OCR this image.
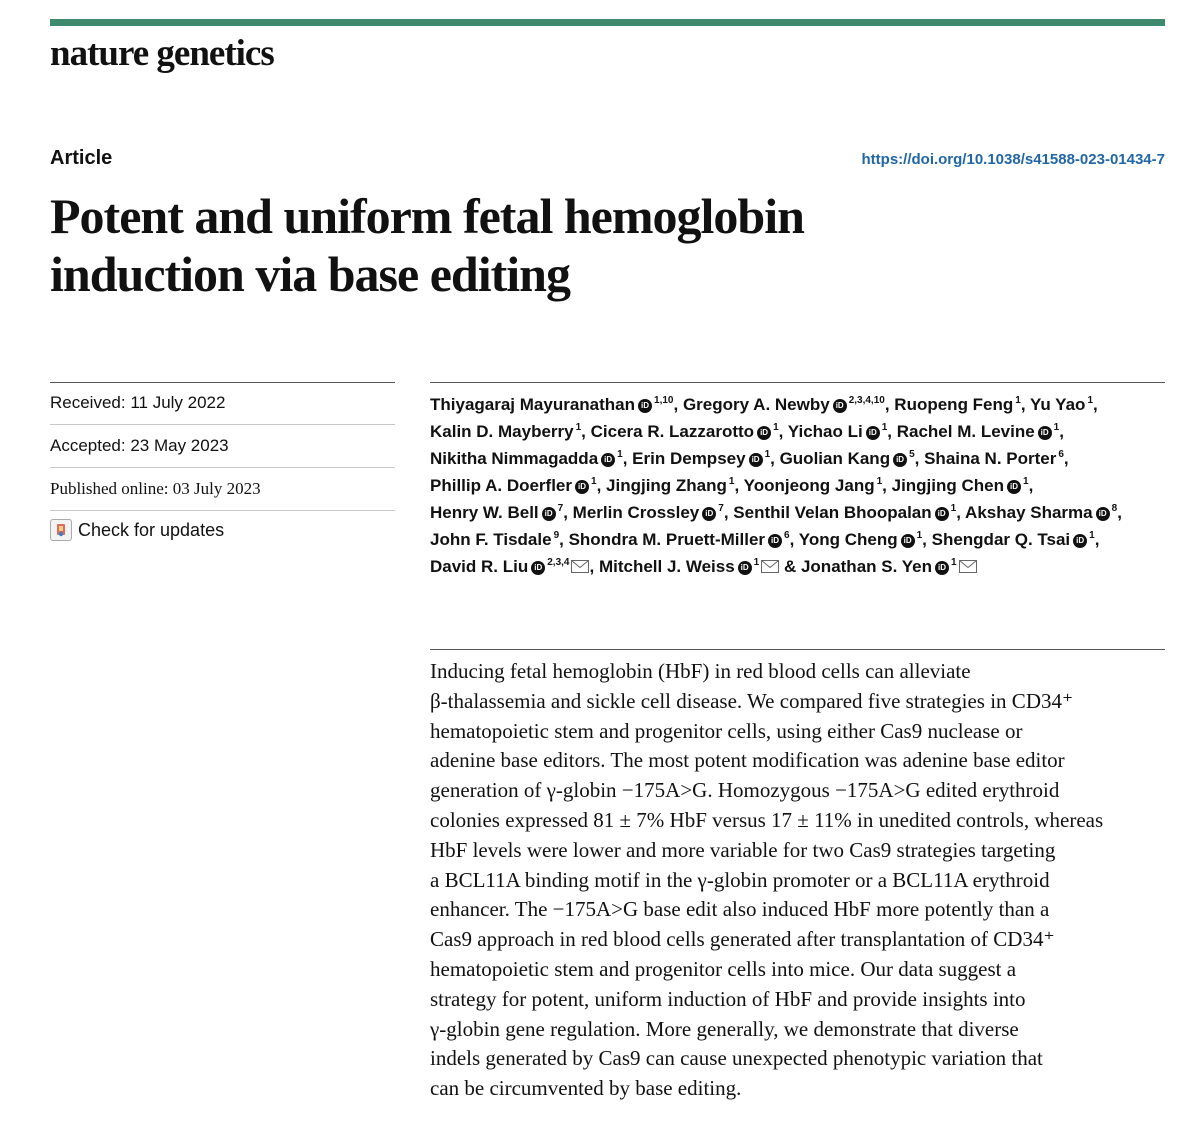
nature genetics
Article	https://doi.org/10.1038/s41588-023-01434-7
Potent and uniform fetal hemoglobin
induction via base editing
Received: 11 July 2022
Accepted: 23 May 2023
Published online: 03 July 2023
Check for updates
Thiyagaraj Mayuranathan iD $^{1,10}$, Gregory A. Newby iD $^{2,3,4,10}$, Ruopeng Feng $^1$, Yu Yao $^1$, Kalin D. Mayberry $^1$, Cicera R. Lazzarotto iD $^1$, Yichao Li iD $^1$, Rachel M. Levine iD $^1$, Nikitha Nimmagadda iD $^1$, Erin Dempsey iD $^1$, Guolian Kang iD $^5$, Shaina N. Porter $^6$, Phillip A. Doerfler iD $^1$, Jingjing Zhang $^1$, Yoonjeong Jang $^1$, Jingjing Chen iD $^1$, Henry W. Bell iD $^7$, Merlin Crossley iD $^7$, Senthil Velan Bhoopalan iD $^1$, Akshay Sharma iD $^8$, John F. Tisdale $^9$, Shondra M. Pruett-Miller iD $^6$, Yong Cheng iD $^1$, Shengdar Q. Tsai iD $^1$, David R. Liu iD $^{2,3,4}$ , Mitchell J. Weiss iD $^1$ & Jonathan S. Yen iD $^1$

Inducing fetal hemoglobin (HbF) in red blood cells can alleviate
β-thalassemia and sickle cell disease. We compared five strategies in CD34⁺
hematopoietic stem and progenitor cells, using either Cas9 nuclease or
adenine base editors. The most potent modification was adenine base editor
generation of γ-globin −175A>G. Homozygous −175A>G edited erythroid
colonies expressed 81 ± 7% HbF versus 17 ± 11% in unedited controls, whereas
HbF levels were lower and more variable for two Cas9 strategies targeting
a BCL11A binding motif in the γ-globin promoter or a BCL11A erythroid
enhancer. The −175A>G base edit also induced HbF more potently than a
Cas9 approach in red blood cells generated after transplantation of CD34⁺
hematopoietic stem and progenitor cells into mice. Our data suggest a
strategy for potent, uniform induction of HbF and provide insights into
γ-globin gene regulation. More generally, we demonstrate that diverse
indels generated by Cas9 can cause unexpected phenotypic variation that
can be circumvented by base editing.
